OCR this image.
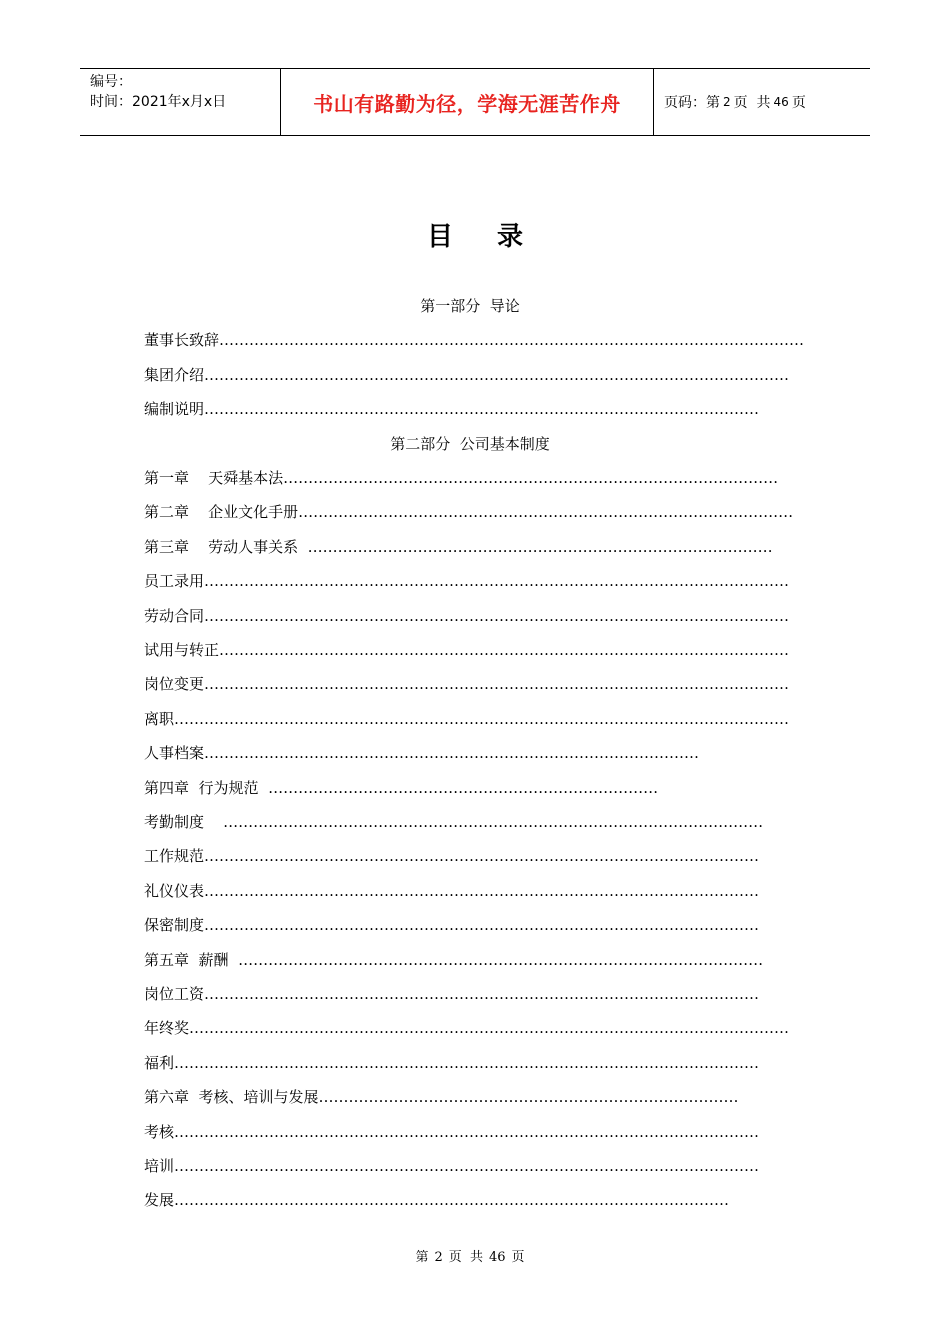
编号：
时间：2021年x月x日	书山有路勤为径，学海无涯苦作舟	页码：第 2 页  共 46 页
目录
第一部分  导论
董事长致辞………………………………………………………………………………………………………
集团介绍………………………………………………………………………………………………………
编制说明…………………………………………………………………………………………………
第二部分  公司基本制度
第一章    天舜基本法………………………………………………………………………………………
第二章    企业文化手册………………………………………………………………………………………
第三章    劳动人事关系  …………………………………………………………………………………
员工录用………………………………………………………………………………………………………
劳动合同………………………………………………………………………………………………………
试用与转正……………………………………………………………………………………………………
岗位变更………………………………………………………………………………………………………
离职……………………………………………………………………………………………………………
人事档案………………………………………………………………………………………
第四章  行为规范  ……………………………………………………………………
考勤制度    ………………………………………………………………………………………………
工作规范…………………………………………………………………………………………………
礼仪仪表…………………………………………………………………………………………………
保密制度…………………………………………………………………………………………………
第五章  薪酬  ……………………………………………………………………………………………
岗位工资…………………………………………………………………………………………………
年终奖…………………………………………………………………………………………………………
福利………………………………………………………………………………………………………
第六章  考核、培训与发展…………………………………………………………………………
考核………………………………………………………………………………………………………
培训………………………………………………………………………………………………………
发展…………………………………………………………………………………………………
第 2 页  共 46 页
